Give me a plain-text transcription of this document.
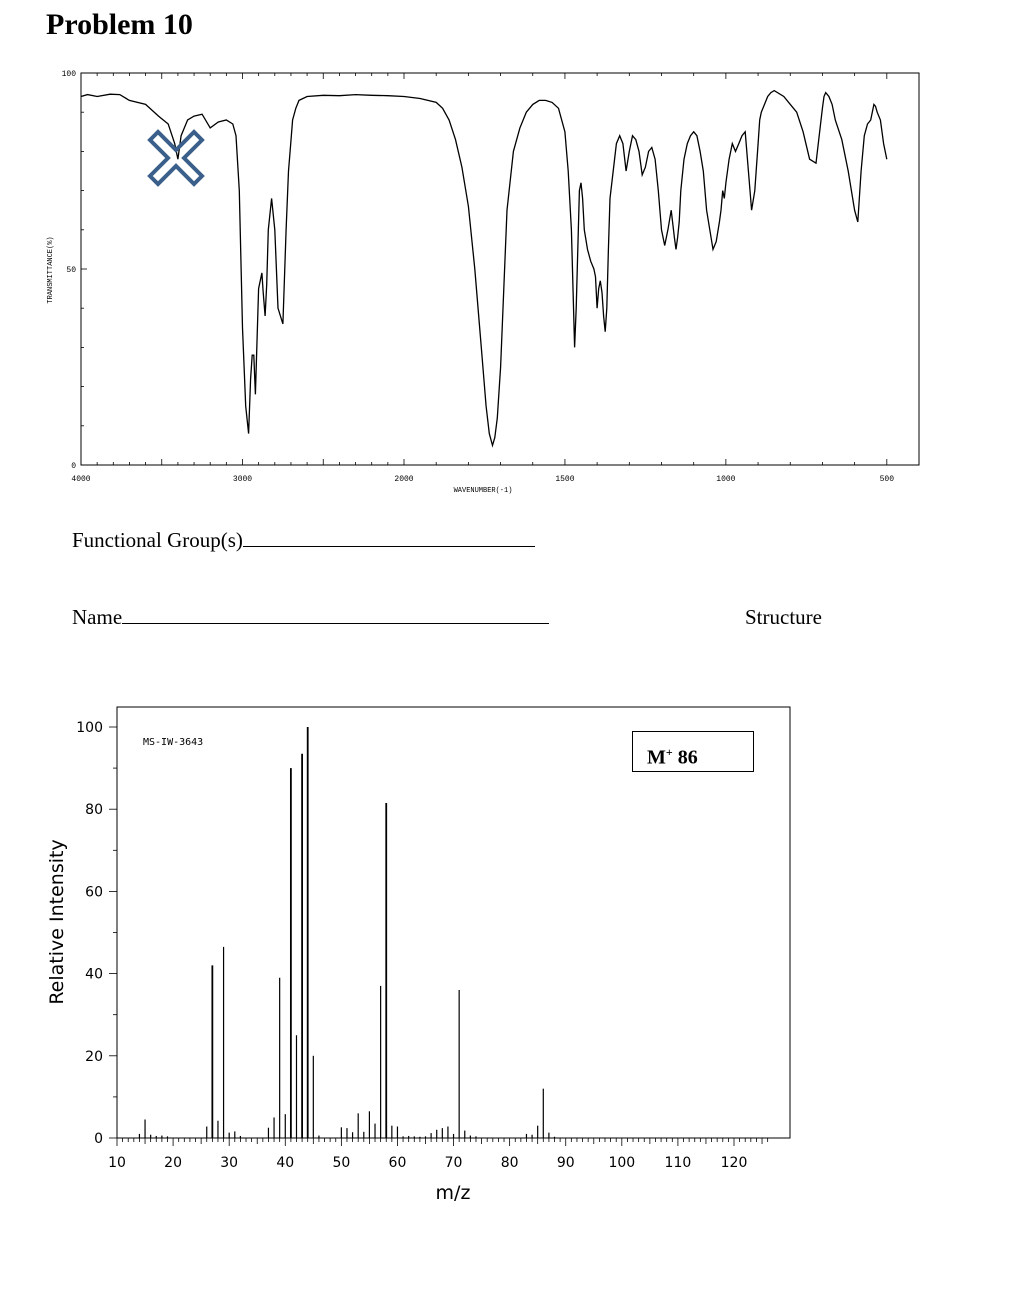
Problem 10
0
50
100
4000	3000	2000	1500	1000	500
TRANSMITTANCE(%)
WAVENUMBER(-1)
Functional Group(s)
Name	Structure
10	20	30	40	50	60	70	80	90 100 110 120
0
20
40
60
80
100
m/z
Relative Intensity
MS-IW-3643
M+ 86
